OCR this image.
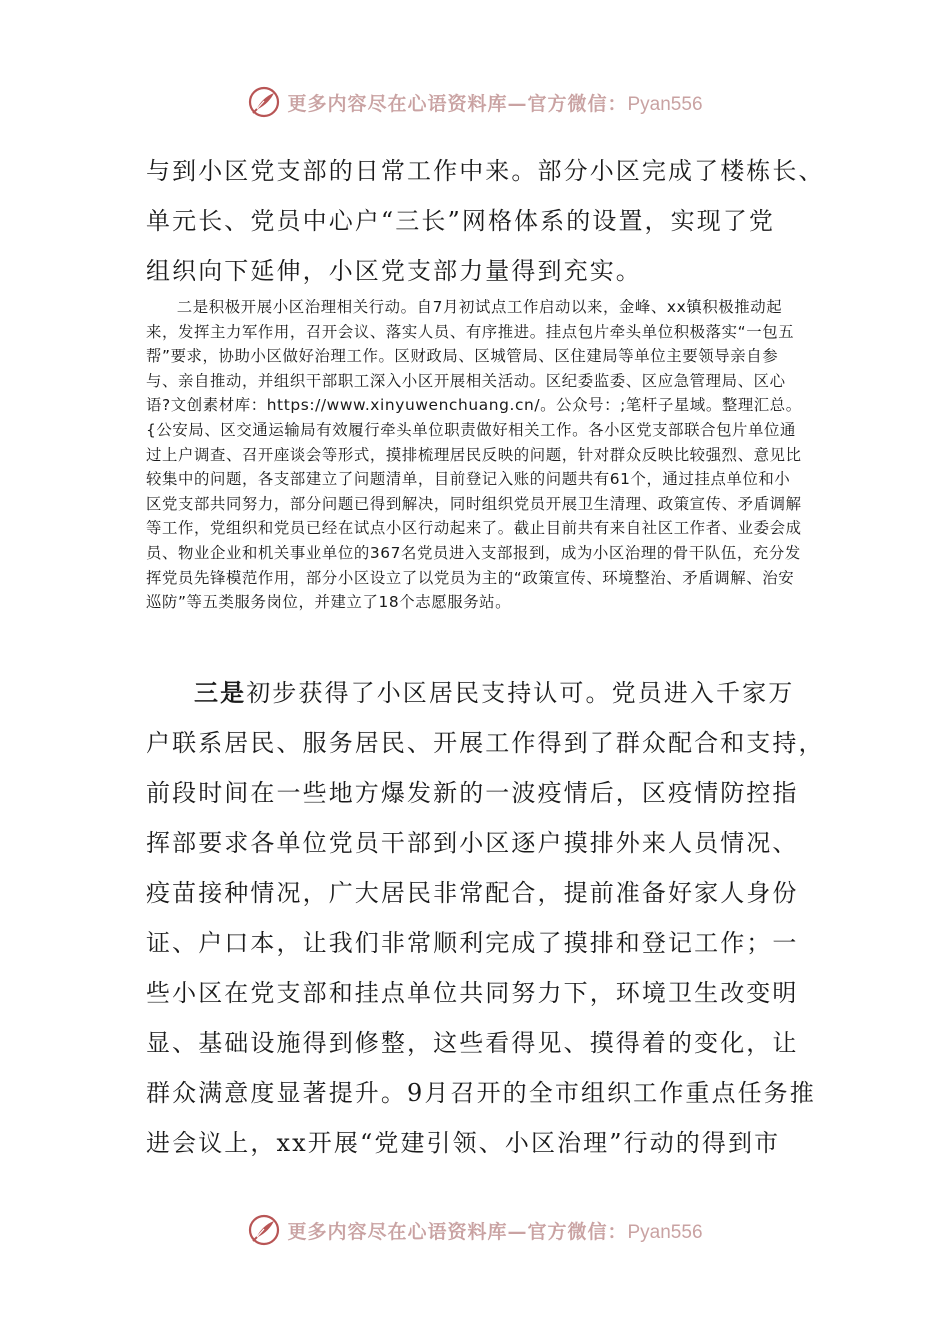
更多内容尽在心语资料库—官方微信：Pyan556
与到小区党支部的日常工作中来。部分小区完成了楼栋长、
单元长、党员中心户“三长”网格体系的设置，实现了党
组织向下延伸，小区党支部力量得到充实。

二是积极开展小区治理相关行动。自7月初试点工作启动以来，金峰、xx镇积极推动起来，发挥主力军作用，召开会议、落实人员、有序推进。挂点包片牵头单位积极落实“一包五帮”要求，协助小区做好治理工作。区财政局、区城管局、区住建局等单位主要领导亲自参与、亲自推动，并组织干部职工深入小区开展相关活动。区纪委监委、区应急管理局、区心语?文创素材库：https://www.xinyuwenchuang.cn/。公众号：;笔杆子星域。整理汇总。{公安局、区交通运输局有效履行牵头单位职责做好相关工作。各小区党支部联合包片单位通过上户调查、召开座谈会等形式，摸排梳理居民反映的问题，针对群众反映比较强烈、意见比较集中的问题，各支部建立了问题清单，目前登记入账的问题共有61个，通过挂点单位和小区党支部共同努力，部分问题已得到解决，同时组织党员开展卫生清理、政策宣传、矛盾调解等工作，党组织和党员已经在试点小区行动起来了。截止目前共有来自社区工作者、业委会成员、物业企业和机关事业单位的367名党员进入支部报到，成为小区治理的骨干队伍，充分发挥党员先锋模范作用，部分小区设立了以党员为主的“政策宣传、环境整治、矛盾调解、治安巡防”等五类服务岗位，并建立了18个志愿服务站。

三是初步获得了小区居民支持认可。党员进入千家万
户联系居民、服务居民、开展工作得到了群众配合和支持，
前段时间在一些地方爆发新的一波疫情后，区疫情防控指
挥部要求各单位党员干部到小区逐户摸排外来人员情况、
疫苗接种情况，广大居民非常配合，提前准备好家人身份
证、户口本，让我们非常顺利完成了摸排和登记工作；一
些小区在党支部和挂点单位共同努力下，环境卫生改变明
显、基础设施得到修整，这些看得见、摸得着的变化，让
群众满意度显著提升。9月召开的全市组织工作重点任务推
进会议上，xx开展“党建引领、小区治理”行动的得到市
更多内容尽在心语资料库—官方微信：Pyan556
